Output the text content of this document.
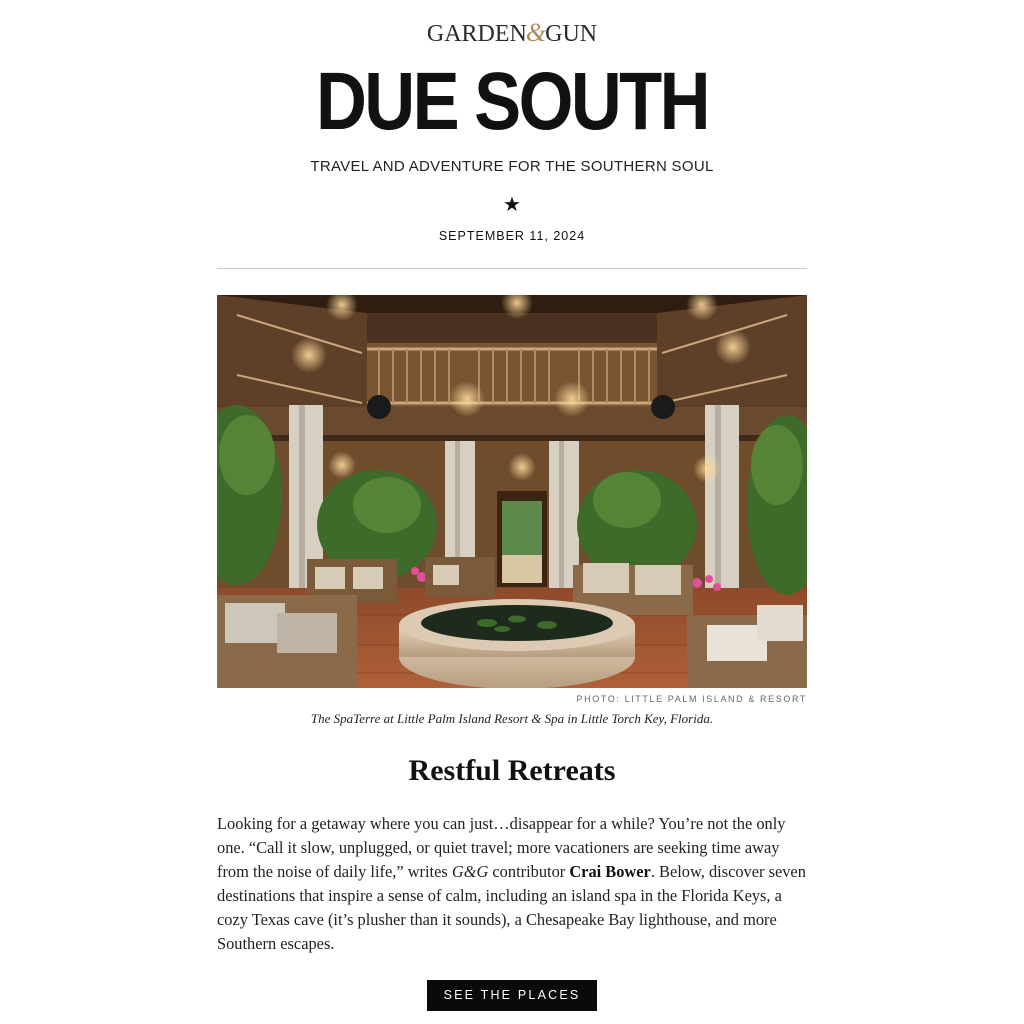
GARDEN&GUN
DUE SOUTH
TRAVEL AND ADVENTURE FOR THE SOUTHERN SOUL
★
SEPTEMBER 11, 2024
PHOTO: LITTLE PALM ISLAND & RESORT
The SpaTerre at Little Palm Island Resort & Spa in Little Torch Key, Florida.
Restful Retreats

Looking for a getaway where you can just…disappear for a while? You’re not the only one. “Call it slow, unplugged, or quiet travel; more vacationers are seeking time away from the noise of daily life,” writes G&G contributor Crai Bower. Below, discover seven destinations that inspire a sense of calm, including an island spa in the Florida Keys, a cozy Texas cave (it’s plusher than it sounds), a Chesapeake Bay lighthouse, and more Southern escapes.

SEE THE PLACES
